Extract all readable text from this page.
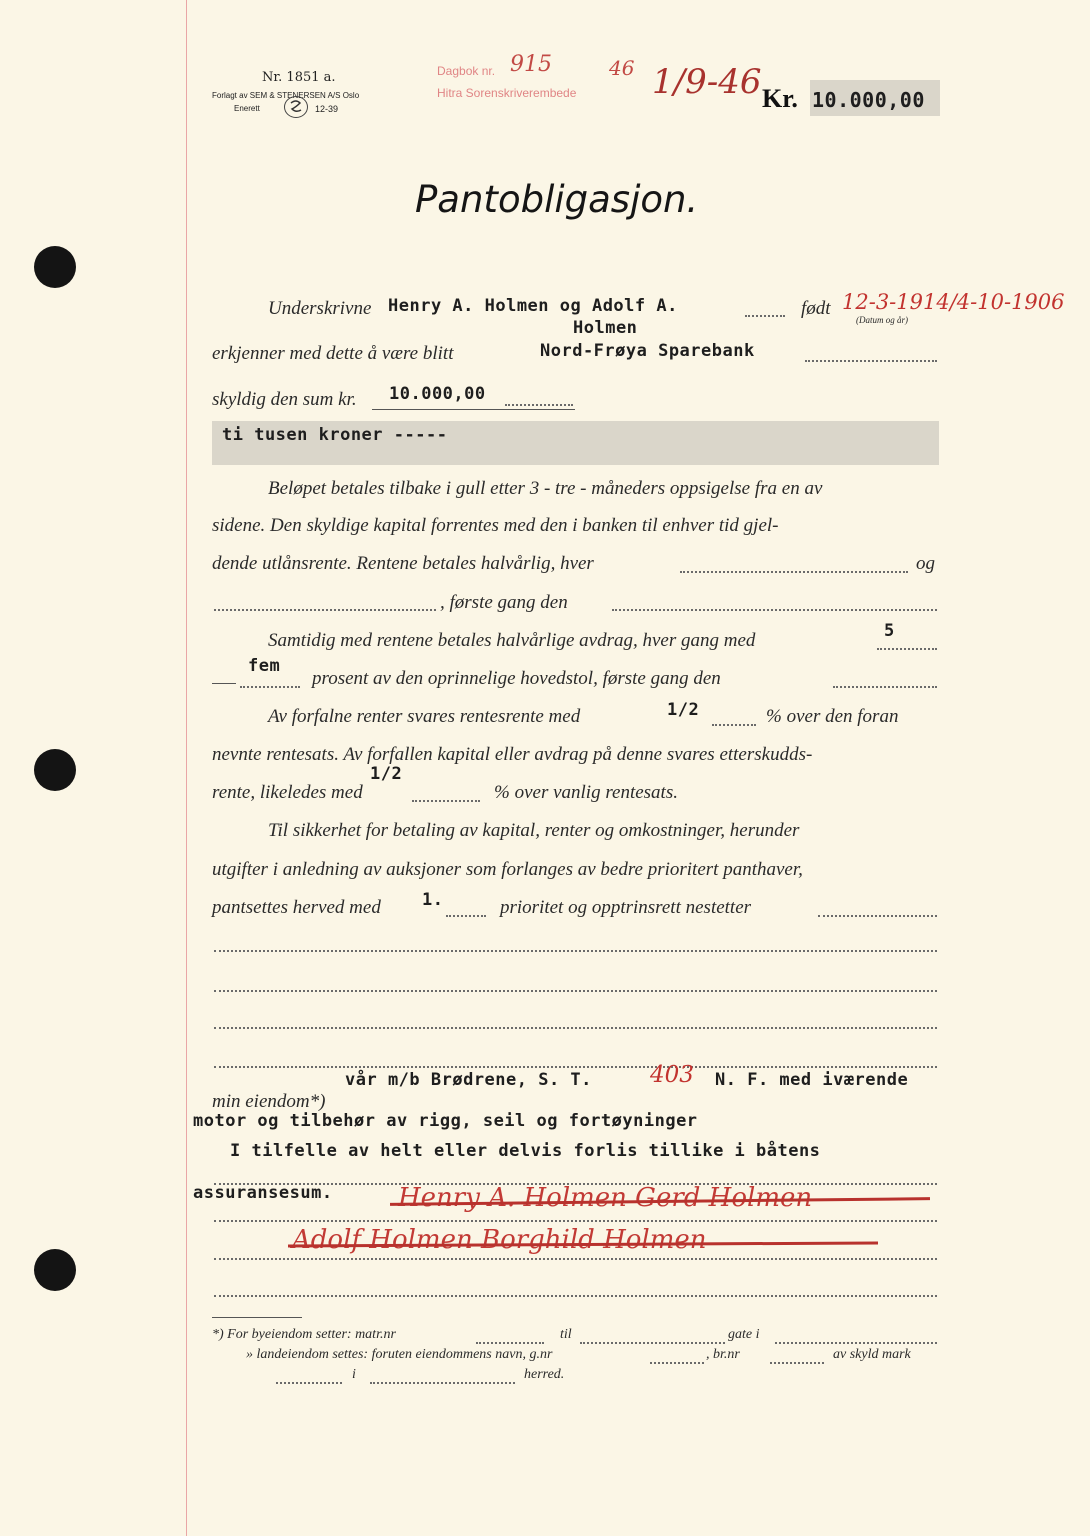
Nr. 1851 a.
Forlagt av SEM & STENERSEN A/S Oslo
Enerett	12-39
Dagbok nr. 915	46
Hitra Sorenskriverembede 1/9-46 Kr. 10.000,00
Pantobligasjon.
Underskrivne Henry A. Holmen og Adolf A.	født 12-3-1914/4-10-1906
(Datum og år)
Holmen
erkjenner med dette å være blitt	Nord-Frøya Sparebank
skyldig den sum kr. 10.000,00
ti tusen kroner -----
Beløpet betales tilbake i gull etter 3 - tre - måneders oppsigelse fra en av
sidene. Den skyldige kapital forrentes med den i banken til enhver tid gjel-
dende utlånsrente. Rentene betales halvårlig, hver	og
, første gang den
Samtidig med rentene betales halvårlige avdrag, hver gang med	5
fem
prosent av den oprinnelige hovedstol, første gang den
Av forfalne renter svares rentesrente med	1/2	% over den foran
nevnte rentesats. Av forfallen kapital eller avdrag på denne svares etterskudds-
1/2
rente, likeledes med	% over vanlig rentesats.
Til sikkerhet for betaling av kapital, renter og omkostninger, herunder
utgifter i anledning av auksjoner som forlanges av bedre prioritert panthaver,
pantsettes herved med 1.	prioritet og opptrinsrett nestetter
vår m/b Brødrene, S. T.	403 N. F. med iværende
min eiendom*)
motor og tilbehør av rigg, seil og fortøyninger
I tilfelle av helt eller delvis forlis tillike i båtens
assuransesum.	Henry A. Holmen Gerd Holmen
Adolf Holmen Borghild Holmen
*) For byeiendom setter: matr.nr	til	gate i
» landeiendom settes: foruten eiendommens navn, g.nr	, br.nr	av skyld mark
i	herred.
